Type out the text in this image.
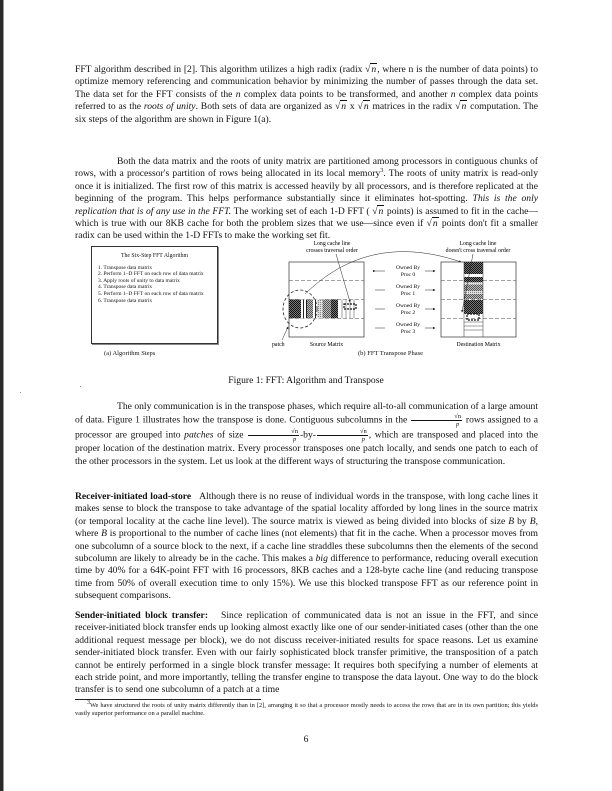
FFT algorithm described in [2]. This algorithm utilizes a high radix (radix √n, where n is the number of data points) to optimize memory referencing and communication behavior by minimizing the number of passes through the data set. The data set for the FFT consists of the n complex data points to be transformed, and another n complex data points referred to as the roots of unity. Both sets of data are organized as √n x √n matrices in the radix √n computation. The six steps of the algorithm are shown in Figure 1(a).

Both the data matrix and the roots of unity matrix are partitioned among processors in contiguous chunks of rows, with a processor's partition of rows being allocated in its local memory$^3$. The roots of unity matrix is read-only once it is initialized. The first row of this matrix is accessed heavily by all processors, and is therefore replicated at the beginning of the program. This helps performance substantially since it eliminates hot-spotting. This is the only replication that is of any use in the FFT. The working set of each 1-D FFT ( √n points) is assumed to fit in the cache—which is true with our 8KB cache for both the problem sizes that we use—since even if √n points don't fit a smaller radix can be used within the 1-D FFTs to make the working set fit.

The Six-Step FFT Algorithm
1. Transpose data matrix
2. Perform 1–D FFT on each row of data matrix
3. Apply roots of unity to data matrix
4. Transpose data matrix
5. Perform 1–D FFT on each row of data matrix
6. Transpose data matrix
patch	Source Matrix
Long cache line
crosses traversal order
Owned By
Proc 0
Owned By
Proc 1
Owned By
Proc 2
Owned By
Proc 3
Destination Matrix
Long cache line
doesn't cross traversal order
(a) Algorithm Steps	(b) FFT Transpose Phase
Figure 1: FFT: Algorithm and Transpose

The only communication is in the transpose phases, which require all-to-all communication of a large amount of data. Figure 1 illustrates how the transpose is done. Contiguous subcolumns in the $\frac{√n}{p}$ rows assigned to a processor are grouped into patches of size $\frac{√n}{p} -by- \frac{√n}{p}$ , which are transposed and placed into the proper location of the destination matrix. Every processor transposes one patch locally, and sends one patch to each of the other processors in the system. Let us look at the different ways of structuring the transpose communication.

Receiver-initiated load-store Although there is no reuse of individual words in the transpose, with long cache lines it makes sense to block the transpose to take advantage of the spatial locality afforded by long lines in the source matrix (or temporal locality at the cache line level). The source matrix is viewed as being divided into blocks of size B by B, where B is proportional to the number of cache lines (not elements) that fit in the cache. When a processor moves from one subcolumn of a source block to the next, if a cache line straddles these subcolumns then the elements of the second subcolumn are likely to already be in the cache. This makes a big difference to performance, reducing overall execution time by 40% for a 64K-point FFT with 16 processors, 8KB caches and a 128-byte cache line (and reducing transpose time from 50% of overall execution time to only 15%). We use this blocked transpose FFT as our reference point in subsequent comparisons.

Sender-initiated block transfer: Since replication of communicated data is not an issue in the FFT, and since receiver-initiated block transfer ends up looking almost exactly like one of our sender-initiated cases (other than the one additional request message per block), we do not discuss receiver-initiated results for space reasons. Let us examine sender-initiated block transfer. Even with our fairly sophisticated block transfer primitive, the transposition of a patch cannot be entirely performed in a single block transfer message: It requires both specifying a number of elements at each stride point, and more importantly, telling the transfer engine to transpose the data layout. One way to do the block transfer is to send one subcolumn of a patch at a time

$^3$We have structured the roots of unity matrix differently than in [2], arranging it so that a processor mostly needs to access the rows that are in its own partition; this yields vastly superior performance on a parallel machine.

6
